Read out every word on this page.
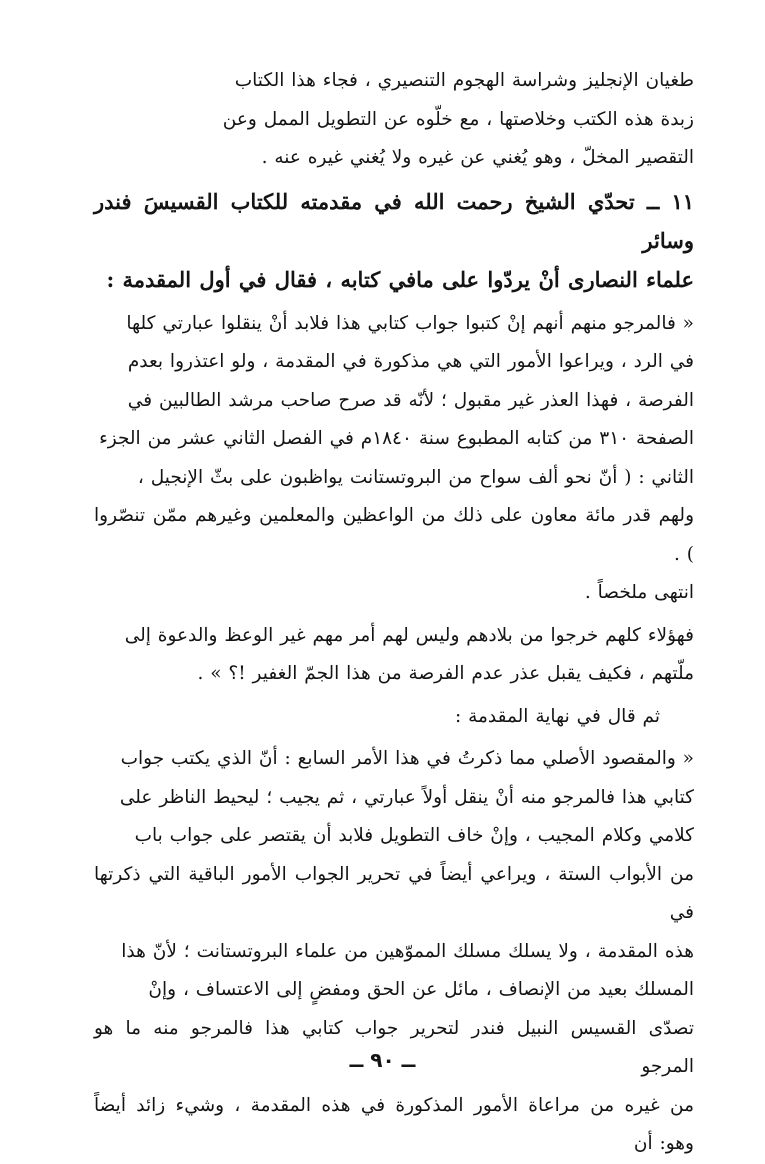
طغيان الإنجليز وشراسة الهجوم التنصيري ، فجاء هذا الكتاب
زبدة هذه الكتب وخلاصتها ، مع خلّوه عن التطويل الممل وعن
التقصير المخلّ ، وهو يُغني عن غيره ولا يُغني غيره عنه .

١١ ــ تحدّي الشيخ رحمت الله في مقدمته للكتاب القسيسَ فندر وسائر
علماء النصارى أنْ يردّوا على مافي كتابه ، فقال في أول المقدمة :

« فالمرجو منهم أنهم إنْ كتبوا جواب كتابي هذا فلابد أنْ ينقلوا عبارتي كلها
في الرد ، ويراعوا الأمور التي هي مذكورة في المقدمة ، ولو اعتذروا بعدم
الفرصة ، فهذا العذر غير مقبول ؛ لأنّه قد صرح صاحب مرشد الطالبين في
الصفحة ٣١٠ من كتابه المطبوع سنة ١٨٤٠م في الفصل الثاني عشر من الجزء
الثاني : ( أنّ نحو ألف سواح من البروتستانت يواظبون على بثّ الإنجيل ،
ولهم قدر مائة معاون على ذلك من الواعظين والمعلمين وغيرهم ممّن تنصّروا ) .
انتهى ملخصاً .

فهؤلاء كلهم خرجوا من بلادهم وليس لهم أمر مهم غير الوعظ والدعوة إلى
ملّتهم ، فكيف يقبل عذر عدم الفرصة من هذا الجمّ الغفير !؟ » .

ثم قال في نهاية المقدمة :

« والمقصود الأصلي مما ذكرتُ في هذا الأمر السابع : أنّ الذي يكتب جواب
كتابي هذا فالمرجو منه أنْ ينقل أولاً عبارتي ، ثم يجيب ؛ ليحيط الناظر على
كلامي وكلام المجيب ، وإنْ خاف التطويل فلابد أن يقتصر على جواب باب
من الأبواب الستة ، ويراعي أيضاً في تحرير الجواب الأمور الباقية التي ذكرتها في
هذه المقدمة ، ولا يسلك مسلك المموّهين من علماء البروتستانت ؛ لأنّ هذا
المسلك بعيد من الإنصاف ، مائل عن الحق ومفضٍ إلى الاعتساف ، وإنْ
تصدّى القسيس النبيل فندر لتحرير جواب كتابي هذا فالمرجو منه ما هو المرجو
من غيره من مراعاة الأمور المذكورة في هذه المقدمة ، وشيء زائد أيضاً وهو: أن

ــ ٩٠ ــ
